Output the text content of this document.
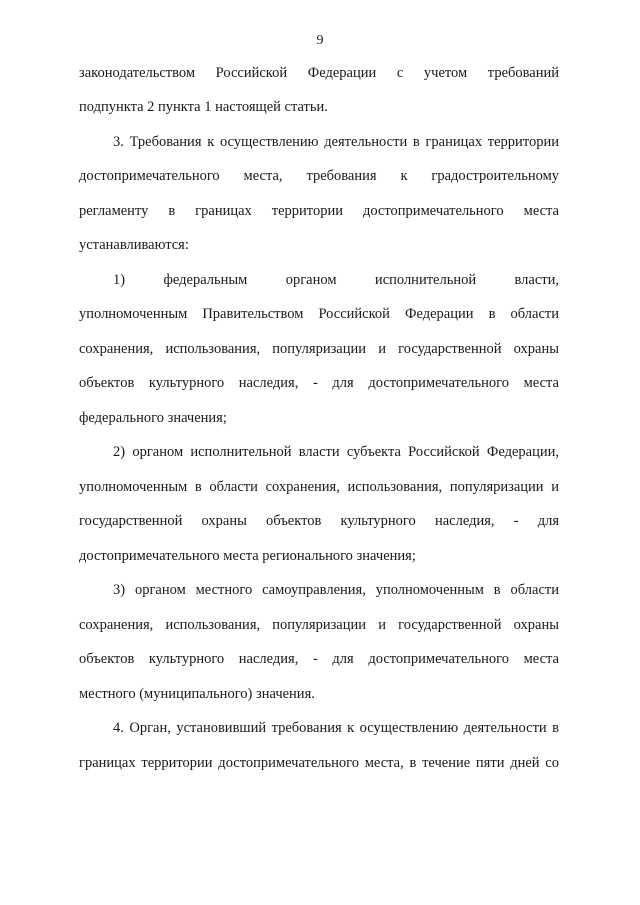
9
законодательством Российской Федерации с учетом требований
подпункта 2 пункта 1 настоящей статьи.
3. Требования к осуществлению деятельности в границах территории
достопримечательного места, требования к градостроительному
регламенту в границах территории достопримечательного места
устанавливаются:
1) федеральным органом исполнительной власти,
уполномоченным Правительством Российской Федерации в области
сохранения, использования, популяризации и государственной охраны
объектов культурного наследия, - для достопримечательного места
федерального значения;
2) органом исполнительной власти субъекта Российской Федерации,
уполномоченным в области сохранения, использования, популяризации и
государственной охраны объектов культурного наследия, - для
достопримечательного места регионального значения;
3) органом местного самоуправления, уполномоченным в области
сохранения, использования, популяризации и государственной охраны
объектов культурного наследия, - для достопримечательного места
местного (муниципального) значения.
4. Орган, установивший требования к осуществлению деятельности в
границах территории достопримечательного места, в течение пяти дней со
